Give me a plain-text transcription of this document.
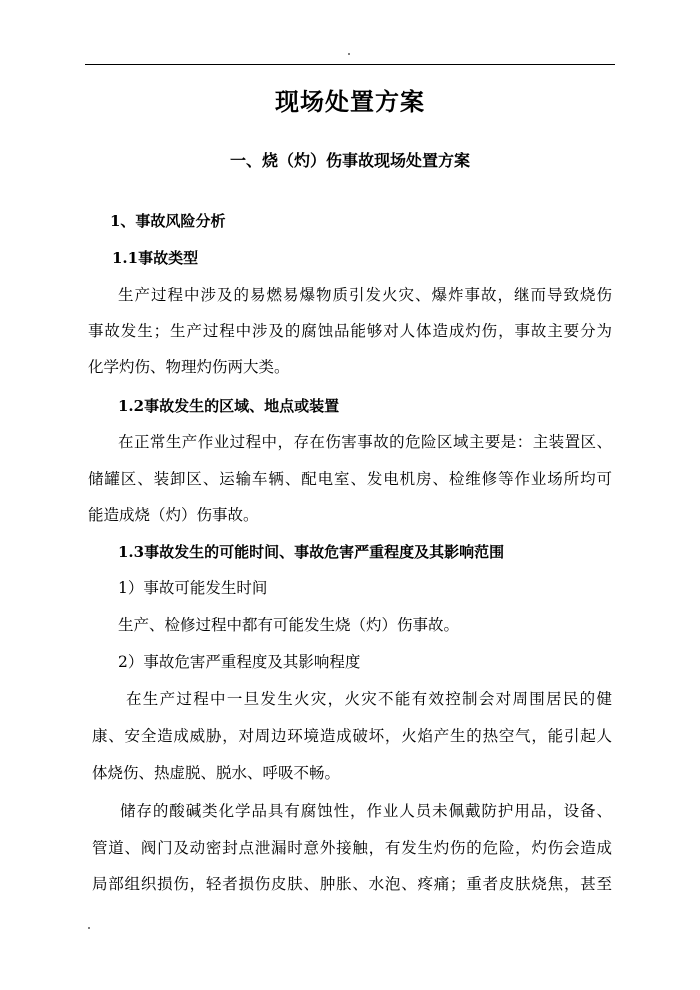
现场处置方案
一、烧（灼）伤事故现场处置方案
1、事故风险分析
1.1事故类型
生产过程中涉及的易燃易爆物质引发火灾、爆炸事故，继而导致烧伤
事故发生；生产过程中涉及的腐蚀品能够对人体造成灼伤，事故主要分为
化学灼伤、物理灼伤两大类。
1.2事故发生的区域、地点或装置
在正常生产作业过程中，存在伤害事故的危险区域主要是：主装置区、
储罐区、装卸区、运输车辆、配电室、发电机房、检维修等作业场所均可
能造成烧（灼）伤事故。
1.3事故发生的可能时间、事故危害严重程度及其影响范围
1）事故可能发生时间
生产、检修过程中都有可能发生烧（灼）伤事故。
2）事故危害严重程度及其影响程度
在生产过程中一旦发生火灾，火灾不能有效控制会对周围居民的健
康、安全造成威胁，对周边环境造成破坏，火焰产生的热空气，能引起人
体烧伤、热虚脱、脱水、呼吸不畅。
储存的酸碱类化学品具有腐蚀性，作业人员未佩戴防护用品，设备、
管道、阀门及动密封点泄漏时意外接触，有发生灼伤的危险，灼伤会造成
局部组织损伤，轻者损伤皮肤、肿胀、水泡、疼痛；重者皮肤烧焦，甚至
